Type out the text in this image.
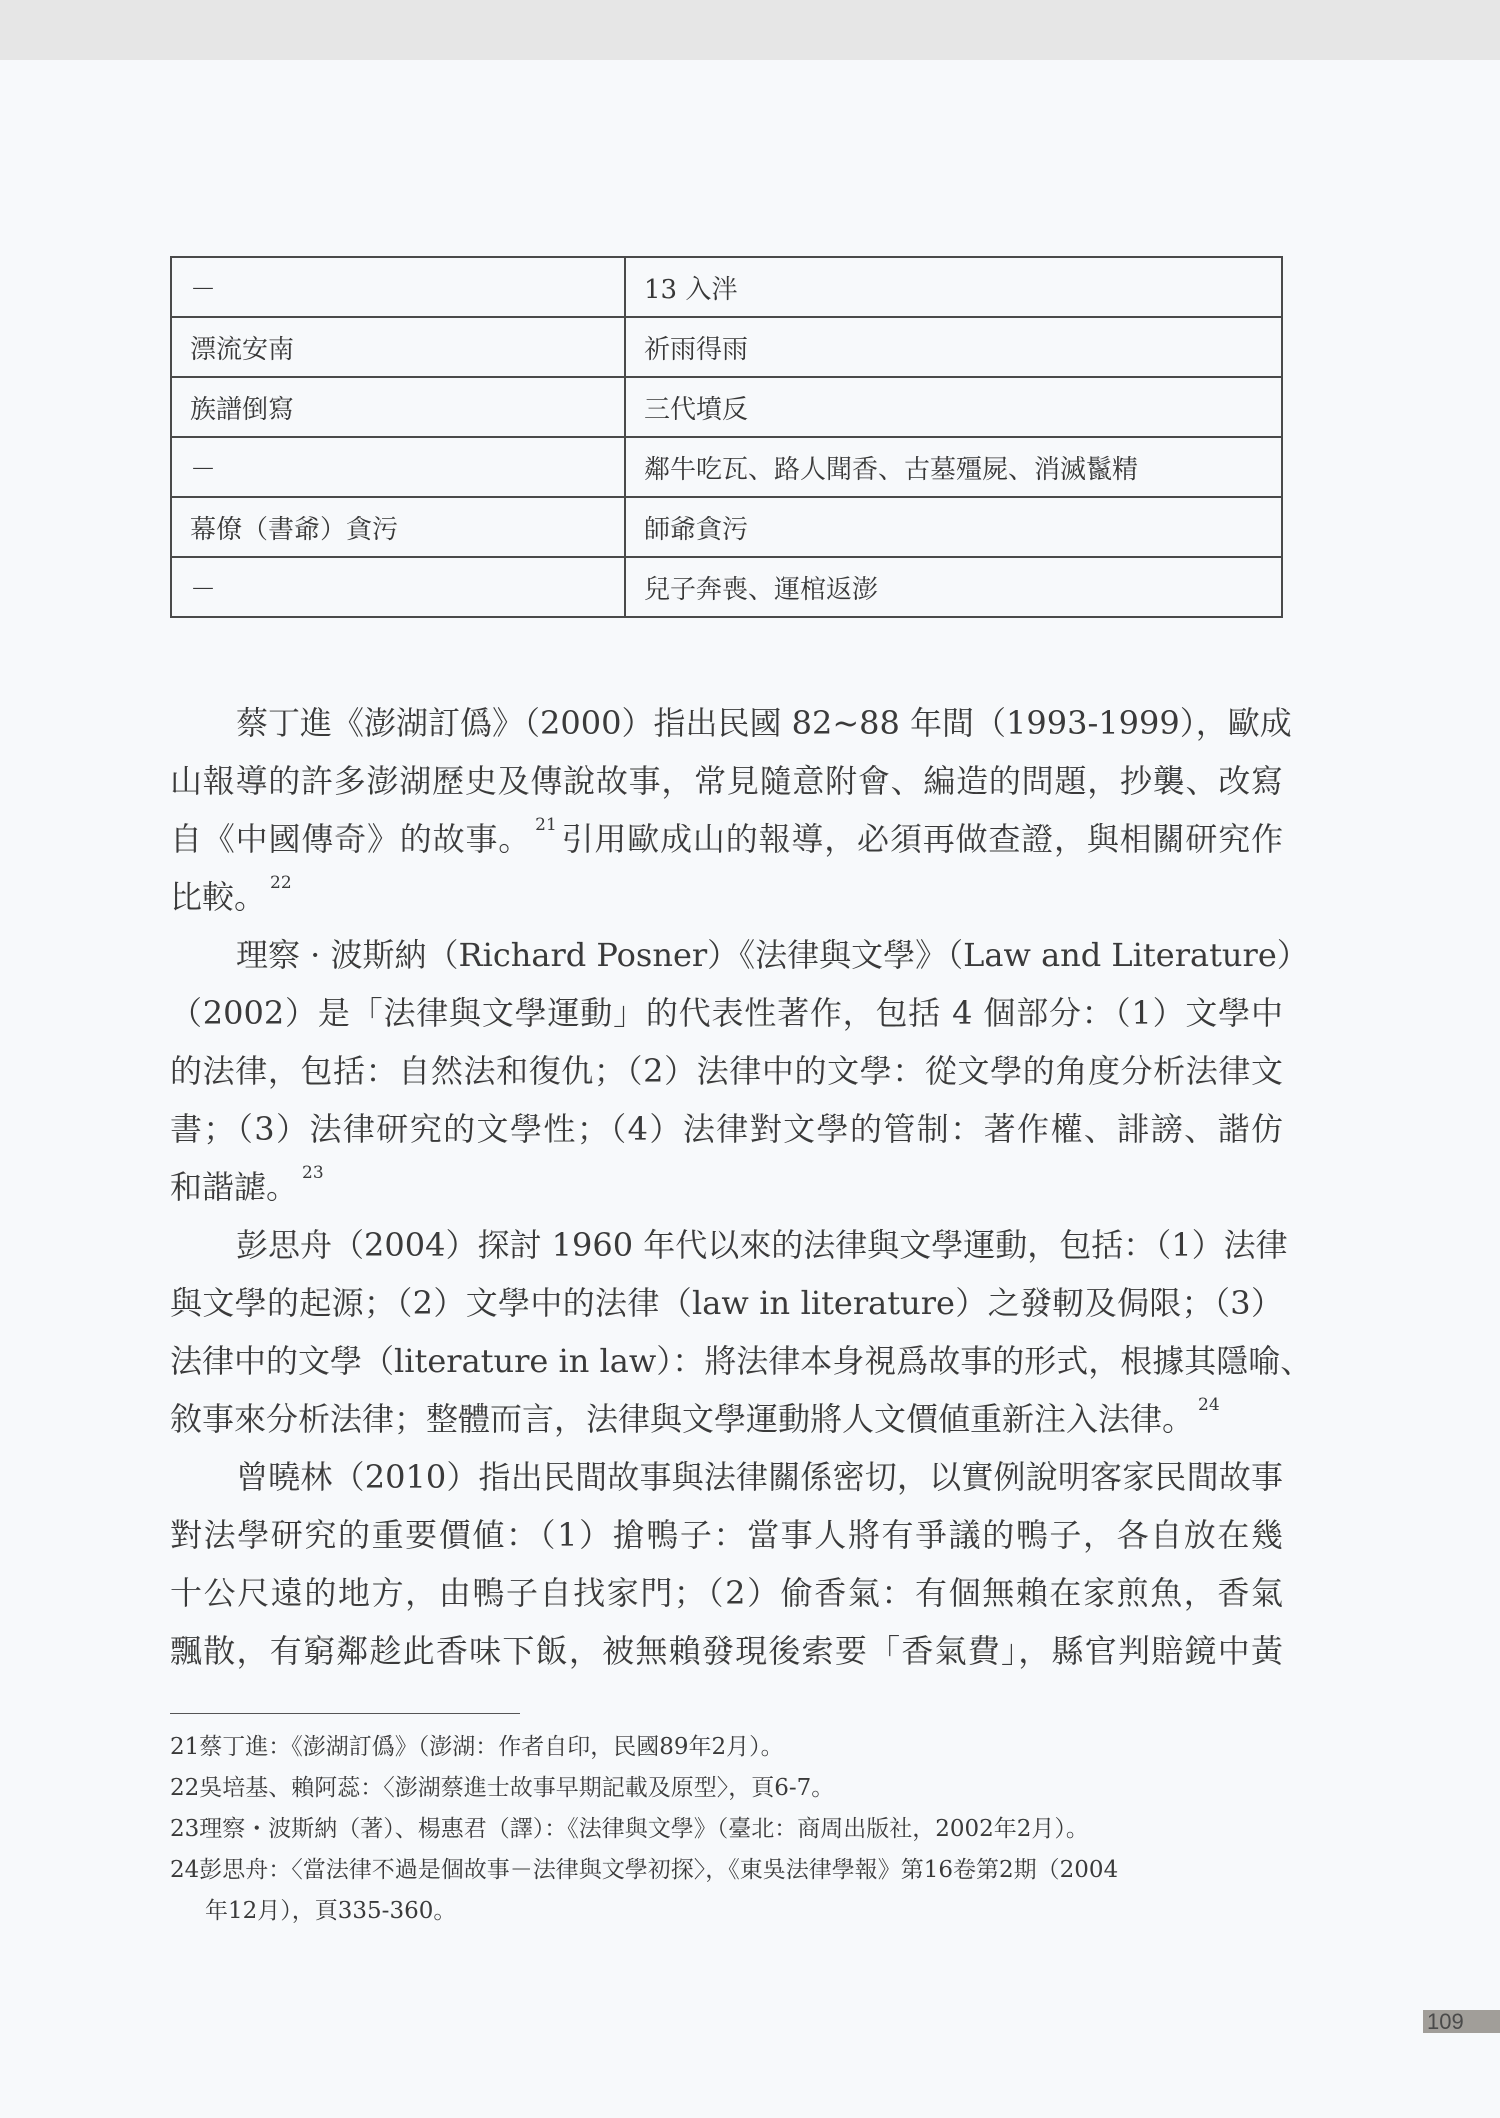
－	13 入泮
漂流安南	祈雨得雨
族譜倒寫	三代墳反
－	鄰牛吃瓦、路人聞香、古墓殭屍、消滅鬣精
幕僚（書爺）貪污	師爺貪污
－	兒子奔喪、運棺返澎
蔡丁進《澎湖訂僞》（2000）指出民國 82~88 年間（1993-1999），歐成
山報導的許多澎湖歷史及傳說故事，常見隨意附會、編造的問題，抄襲、改寫
自《中國傳奇》的故事。 $^{21}$ 引用歐成山的報導，必須再做查證，與相關研究作
比較。 $^{22}$
理察 · 波斯納（Richard Posner）《法律與文學》（Law and Literature）
（2002）是「法律與文學運動」的代表性著作，包括 4 個部分：（1）文學中
的法律，包括：自然法和復仇；（2）法律中的文學：從文學的角度分析法律文
書；（3）法律研究的文學性；（4）法律對文學的管制：著作權、誹謗、諧仿
和諧謔。 $^{23}$
彭思舟（2004）探討 1960 年代以來的法律與文學運動，包括：（1）法律
與文學的起源；（2）文學中的法律（law in literature）之發軔及侷限；（3）
法律中的文學（literature in law）：將法律本身視爲故事的形式，根據其隱喻、
敘事來分析法律；整體而言，法律與文學運動將人文價値重新注入法律。 $^{24}$
曾曉林（2010）指出民間故事與法律關係密切，以實例說明客家民間故事
對法學研究的重要價値：（1）搶鴨子：當事人將有爭議的鴨子，各自放在幾
十公尺遠的地方，由鴨子自找家門；（2）偷香氣：有個無賴在家煎魚，香氣
飄散，有窮鄰趁此香味下飯，被無賴發現後索要「香氣費」，縣官判賠鏡中黃
21蔡丁進：《澎湖訂僞》（澎湖：作者自印，民國89年2月）。
22吳培基、賴阿蕊：〈澎湖蔡進士故事早期記載及原型〉，頁6-7。
23理察・波斯納（著）、楊惠君（譯）：《法律與文學》（臺北：商周出版社，2002年2月）。
24彭思舟：〈當法律不過是個故事－法律與文學初探〉，《東吳法律學報》第16卷第2期（2004
年12月），頁335-360。
109
